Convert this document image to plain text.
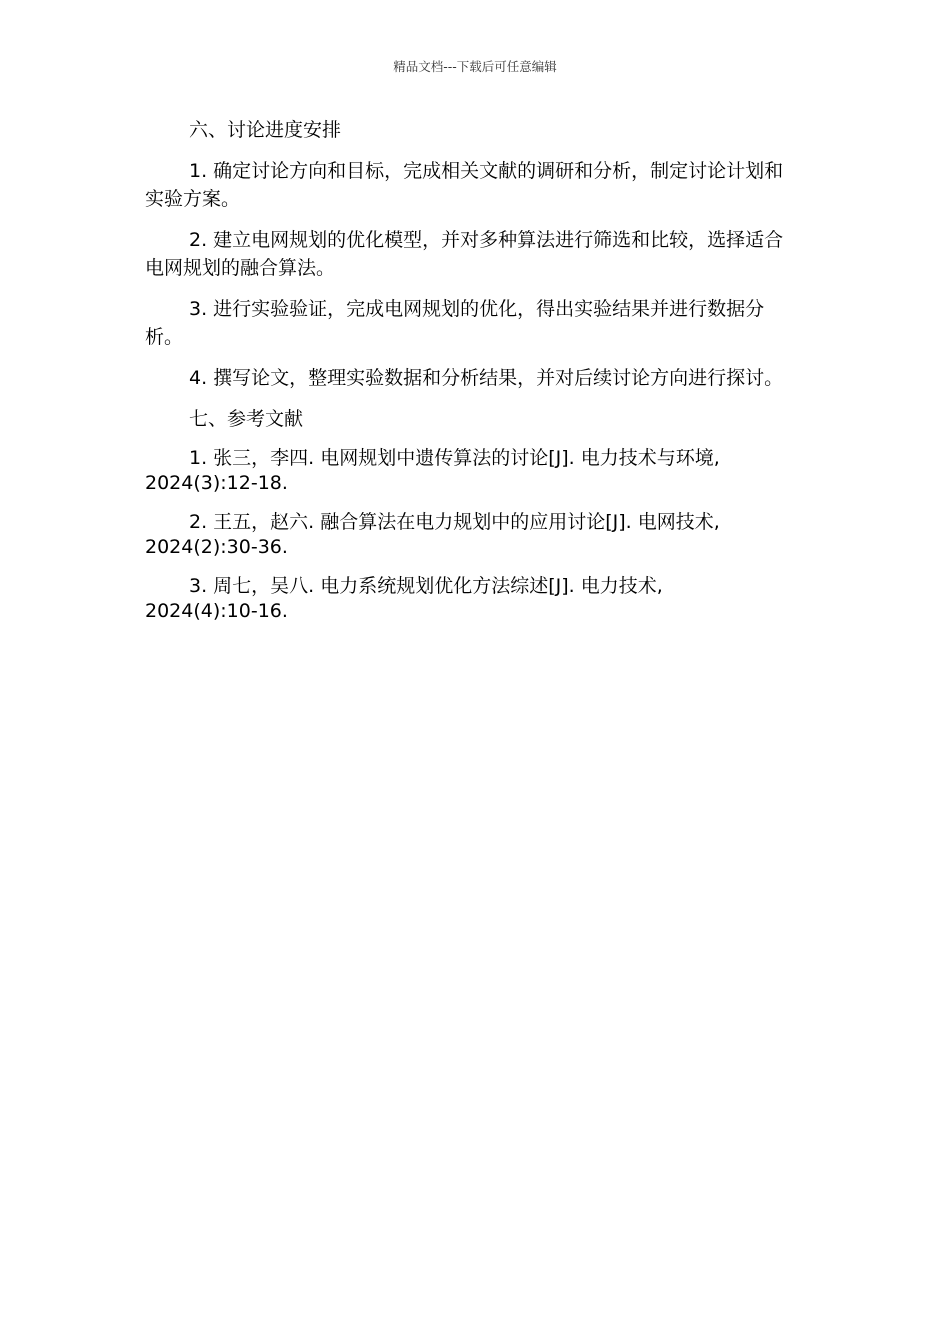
精品文档---下载后可任意编辑

六、讨论进度安排

1. 确定讨论方向和目标，完成相关文献的调研和分析，制定讨论计划和实验方案。

2. 建立电网规划的优化模型，并对多种算法进行筛选和比较，选择适合电网规划的融合算法。

3. 进行实验验证，完成电网规划的优化，得出实验结果并进行数据分析。

4. 撰写论文，整理实验数据和分析结果，并对后续讨论方向进行探讨。

七、参考文献

1. 张三，李四. 电网规划中遗传算法的讨论[J]. 电力技术与环境,
2024(3):12-18.

2. 王五，赵六. 融合算法在电力规划中的应用讨论[J]. 电网技术,
2024(2):30-36.

3. 周七，吴八. 电力系统规划优化方法综述[J]. 电力技术,
2024(4):10-16.
